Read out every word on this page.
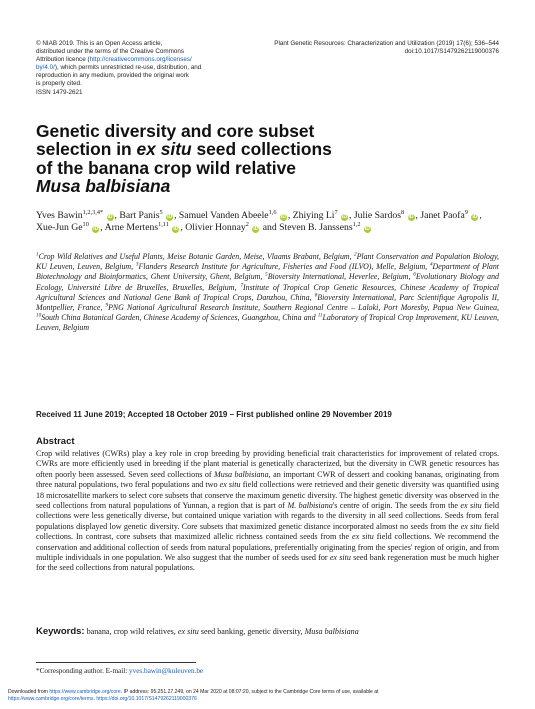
© NIAB 2019. This is an Open Access article,
distributed under the terms of the Creative Commons
Attribution licence (http://creativecommons.org/licenses/
by/4.0/), which permits unrestricted re-use, distribution, and
reproduction in any medium, provided the original work
is properly cited.
ISSN 1479-2621
Plant Genetic Resources: Characterization and Utilization (2019) 17(6); 536–544
doi:10.1017/S1479262119000376
Genetic diversity and core subset
selection in ex situ seed collections
of the banana crop wild relative
Musa balbisiana
Yves Bawin$^{1,2,3,4*}$ iD , Bart Panis$^5$ iD , Samuel Vanden Abeele$^{1,6}$ iD , Zhiying Li$^7$ iD , Julie Sardos$^8$ iD , Janet Paofa$^9$ iD , Xue-Jun Ge$^{10}$ iD , Arne Mertens$^{1,11}$ iD , Olivier Honnay$^2$ iD and Steven B. Janssens$^{1,2}$ iD
$^1$Crop Wild Relatives and Useful Plants, Meise Botanic Garden, Meise, Vlaams Brabant, Belgium, $^2$Plant Conservation and Population Biology, KU Leuven, Leuven, Belgium, $^3$Flanders Research Institute for Agriculture, Fisheries and Food (ILVO), Melle, Belgium, $^4$Department of Plant Biotechnology and Bioinformatics, Ghent University, Ghent, Belgium, $^5$Bioversity International, Heverlee, Belgium, $^6$Evolutionary Biology and Ecology, Université Libre de Bruxelles, Bruxelles, Belgium, $^7$Institute of Tropical Crop Genetic Resources, Chinese Academy of Tropical Agricultural Sciences and National Gene Bank of Tropical Crops, Danzhou, China, $^8$Bioversity International, Parc Scientifique Agropolis II, Montpellier, France, $^9$PNG National Agricultural Research Institute, Southern Regional Centre – Laloki, Port Moresby, Papua New Guinea, $^{10}$South China Botanical Garden, Chinese Academy of Sciences, Guangzhou, China and $^{11}$Laboratory of Tropical Crop Improvement, KU Leuven, Leuven, Belgium
Received 11 June 2019; Accepted 18 October 2019 – First published online 29 November 2019
Abstract
Crop wild relatives (CWRs) play a key role in crop breeding by providing beneficial trait characteristics for improvement of related crops. CWRs are more efficiently used in breeding if the plant material is genetically characterized, but the diversity in CWR genetic resources has often poorly been assessed. Seven seed collections of Musa balbisiana, an important CWR of dessert and cooking bananas, originating from three natural populations, two feral populations and two ex situ field collections were retrieved and their genetic diversity was quantified using 18 microsatellite markers to select core subsets that conserve the maximum genetic diversity. The highest genetic diversity was observed in the seed collections from natural populations of Yunnan, a region that is part of M. balbisiana's centre of origin. The seeds from the ex situ field collections were less genetically diverse, but contained unique variation with regards to the diversity in all seed collections. Seeds from feral populations displayed low genetic diversity. Core subsets that maximized genetic distance incorporated almost no seeds from the ex situ field collections. In contrast, core subsets that maximized allelic richness contained seeds from the ex situ field collections. We recommend the conservation and additional collection of seeds from natural populations, preferentially originating from the species' region of origin, and from multiple individuals in one population. We also suggest that the number of seeds used for ex situ seed bank regeneration must be much higher for the seed collections from natural populations.
Keywords: banana, crop wild relatives, ex situ seed banking, genetic diversity, Musa balbisiana
*Corresponding author. E-mail: yves.bawin@kuleuven.be
Downloaded from https://www.cambridge.org/core. IP address: 95.251.27.249, on 24 Mar 2020 at 08:07:20, subject to the Cambridge Core terms of use, available at
https://www.cambridge.org/core/terms. https://doi.org/10.1017/S1479262119000376
